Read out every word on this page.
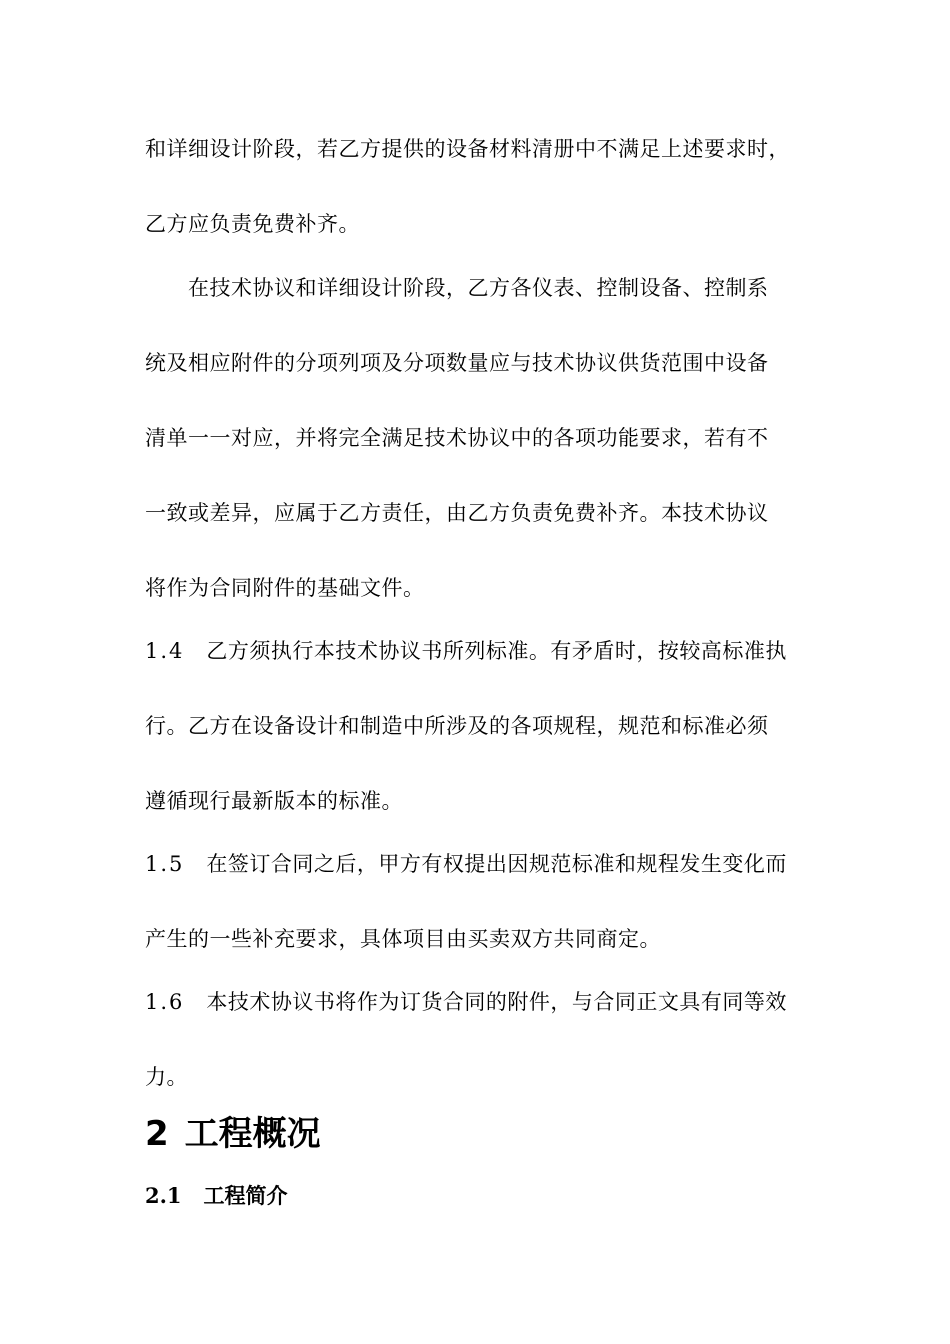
和详细设计阶段，若乙方提供的设备材料清册中不满足上述要求时，
乙方应负责免费补齐。
在技术协议和详细设计阶段，乙方各仪表、控制设备、控制系
统及相应附件的分项列项及分项数量应与技术协议供货范围中设备
清单一一对应，并将完全满足技术协议中的各项功能要求，若有不
一致或差异，应属于乙方责任，由乙方负责免费补齐。本技术协议
将作为合同附件的基础文件。
1.4 乙方须执行本技术协议书所列标准。有矛盾时，按较高标准执
行。乙方在设备设计和制造中所涉及的各项规程，规范和标准必须
遵循现行最新版本的标准。
1.5 在签订合同之后，甲方有权提出因规范标准和规程发生变化而
产生的一些补充要求，具体项目由买卖双方共同商定。
1.6 本技术协议书将作为订货合同的附件，与合同正文具有同等效
力。
2 工程概况
2.1 工程简介
